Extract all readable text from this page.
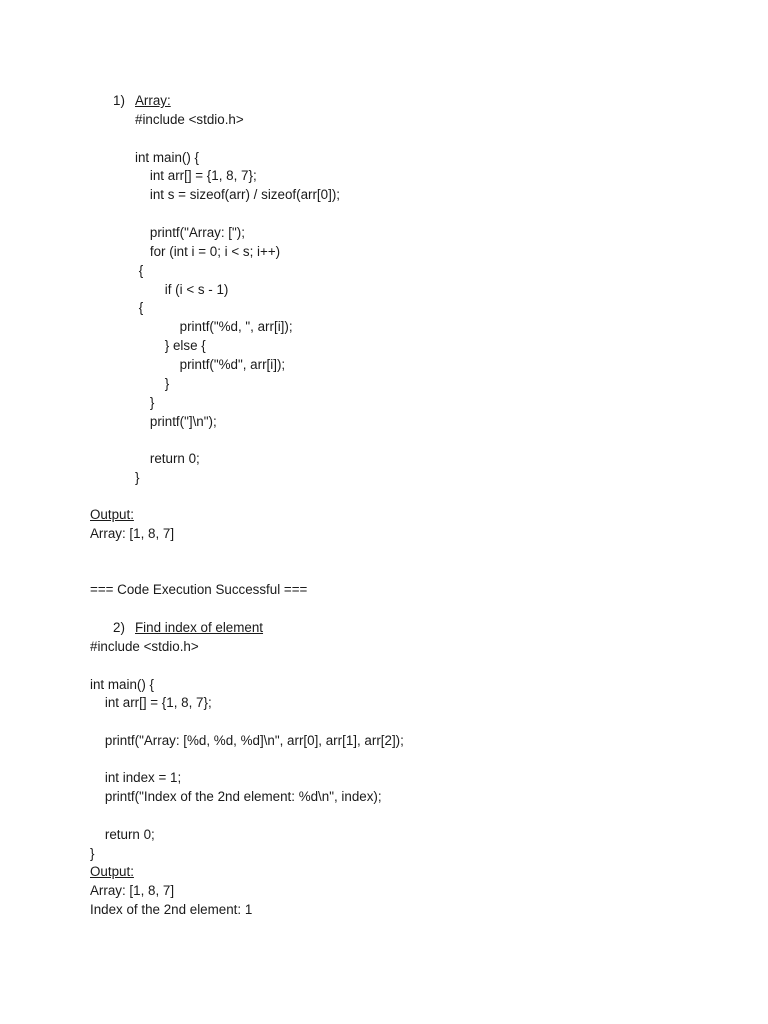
1) Array:
#include <stdio.h>
int main() {
int arr[] = {1, 8, 7};
int s = sizeof(arr) / sizeof(arr[0]);
printf("Array: [");
for (int i = 0; i < s; i++)
{
if (i < s - 1)
{
printf("%d, ", arr[i]);
} else {
printf("%d", arr[i]);
}
}
printf("]\n");
return 0;
}
Output:
Array: [1, 8, 7]
=== Code Execution Successful ===
2) Find index of element
#include <stdio.h>
int main() {
int arr[] = {1, 8, 7};
printf("Array: [%d, %d, %d]\n", arr[0], arr[1], arr[2]);
int index = 1;
printf("Index of the 2nd element: %d\n", index);
return 0;
}
Output:
Array: [1, 8, 7]
Index of the 2nd element: 1
